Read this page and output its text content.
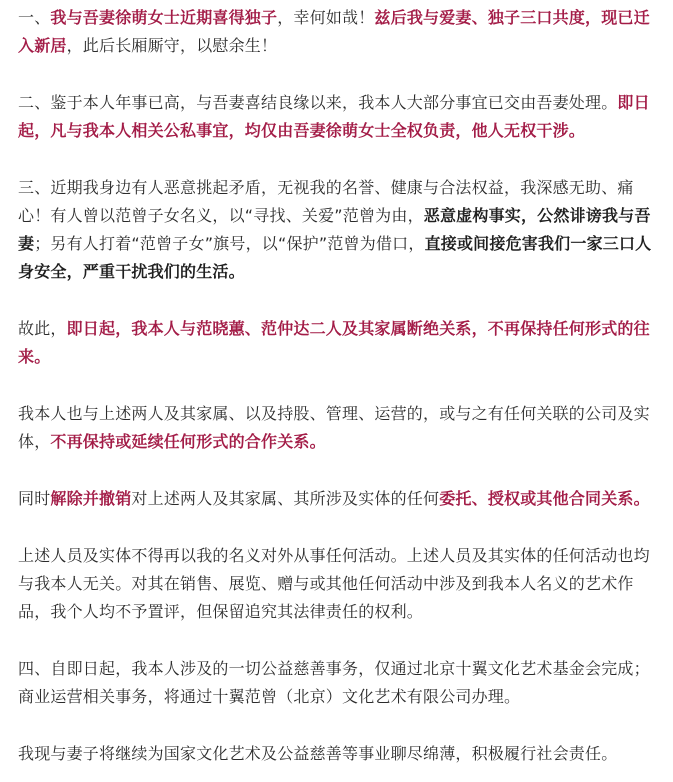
一、我与吾妻徐萌女士近期喜得独子，幸何如哉！兹后我与爱妻、独子三口共度，现已迁入新居，此后长厢厮守，以慰余生！

二、鉴于本人年事已高，与吾妻喜结良缘以来，我本人大部分事宜已交由吾妻处理。即日起，凡与我本人相关公私事宜，均仅由吾妻徐萌女士全权负责，他人无权干涉。

三、近期我身边有人恶意挑起矛盾，无视我的名誉、健康与合法权益，我深感无助、痛心！有人曾以范曾子女名义，以“寻找、关爱”范曾为由，恶意虚构事实，公然诽谤我与吾妻；另有人打着“范曾子女”旗号，以“保护”范曾为借口，直接或间接危害我们一家三口人身安全，严重干扰我们的生活。

故此，即日起，我本人与范晓蕙、范仲达二人及其家属断绝关系，不再保持任何形式的往来。

我本人也与上述两人及其家属、以及持股、管理、运营的，或与之有任何关联的公司及实体，不再保持或延续任何形式的合作关系。

同时解除并撤销对上述两人及其家属、其所涉及实体的任何委托、授权或其他合同关系。

上述人员及实体不得再以我的名义对外从事任何活动。上述人员及其实体的任何活动也均与我本人无关。对其在销售、展览、赠与或其他任何活动中涉及到我本人名义的艺术作品，我个人均不予置评，但保留追究其法律责任的权利。

四、自即日起，我本人涉及的一切公益慈善事务，仅通过北京十翼文化艺术基金会完成；商业运营相关事务，将通过十翼范曾（北京）文化艺术有限公司办理。

我现与妻子将继续为国家文化艺术及公益慈善等事业聊尽绵薄，积极履行社会责任。
